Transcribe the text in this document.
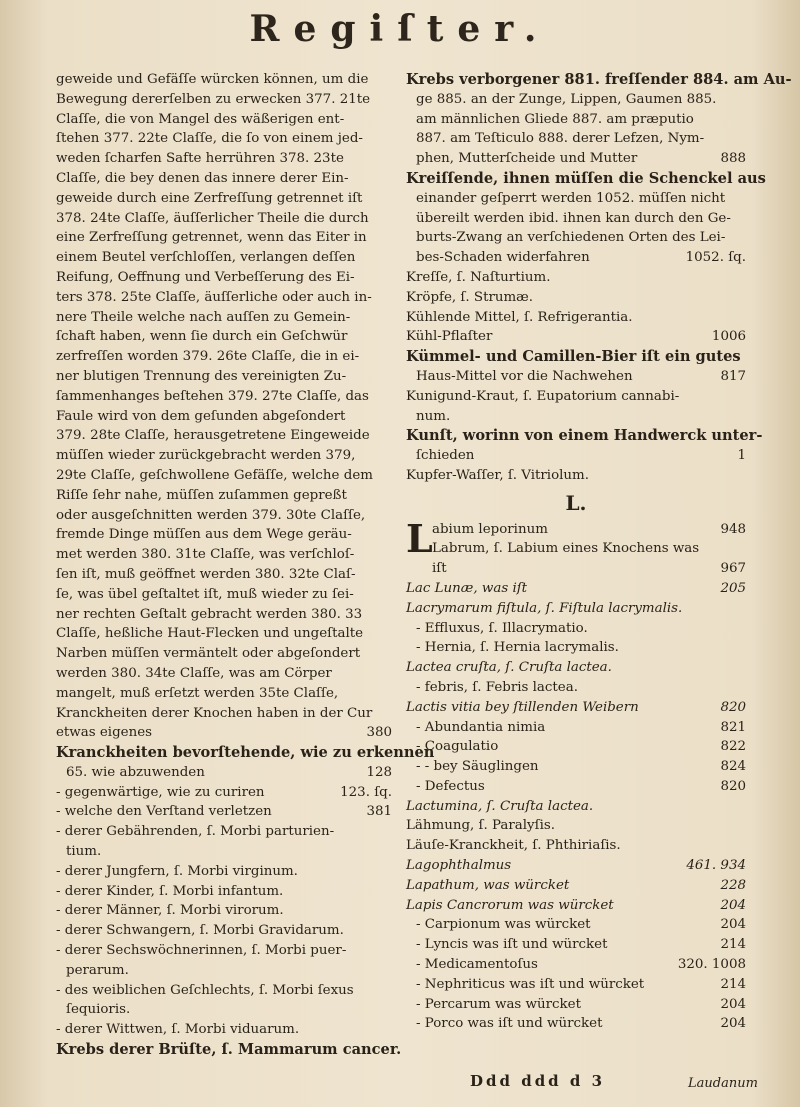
Regiſter.
geweide und Gefäſſe würcken können, um die
Bewegung dererſelben zu erwecken 377. 21te
Claſſe, die von Mangel des wäßerigen ent-
ſtehen 377. 22te Claſſe, die ſo von einem jed-
weden ſcharfen Safte herrühren 378. 23te
Claſſe, die bey denen das innere derer Ein-
geweide durch eine Zerfreſſung getrennet iſt
378. 24te Claſſe, äuſſerlicher Theile die durch
eine Zerfreſſung getrennet, wenn das Eiter in
einem Beutel verſchloſſen, verlangen deſſen
Reifung, Oeffnung und Verbeſſerung des Ei-
ters 378. 25te Claſſe, äuſſerliche oder auch in-
nere Theile welche nach auſſen zu Gemein-
ſchaft haben, wenn ſie durch ein Geſchwür
zerfreſſen worden 379. 26te Claſſe, die in ei-
ner blutigen Trennung des vereinigten Zu-
ſammenhanges beſtehen 379. 27te Claſſe, das
Faule wird von dem geſunden abgeſondert
379. 28te Claſſe, herausgetretene Eingeweide
müſſen wieder zurückgebracht werden 379,
29te Claſſe, geſchwollene Gefäſſe, welche dem
Riſſe ſehr nahe, müſſen zuſammen gepreßt
oder ausgeſchnitten werden 379. 30te Claſſe,
fremde Dinge müſſen aus dem Wege geräu-
met werden 380. 31te Claſſe, was verſchloſ-
ſen iſt, muß geöffnet werden 380. 32te Claſ-
ſe, was übel geſtaltet iſt, muß wieder zu ſei-
ner rechten Geſtalt gebracht werden 380. 33
Claſſe, heßliche Haut-Flecken und ungeſtalte
Narben müſſen vermäntelt oder abgeſondert
werden 380. 34te Claſſe, was am Cörper
mangelt, muß erſetzt werden 35te Claſſe,
Kranckheiten derer Knochen haben in der Cur
etwas eigenes	380
Kranckheiten bevorſtehende, wie zu erkennen
65. wie abzuwenden	128
- gegenwärtige, wie zu curiren	123. ſq.
- welche den Verſtand verletzen	381
- derer Gebährenden, ſ. Morbi parturien-
tium.
- derer Jungfern, ſ. Morbi virginum.
- derer Kinder, ſ. Morbi infantum.
- derer Männer, ſ. Morbi virorum.
- derer Schwangern, ſ. Morbi Gravidarum.
- derer Sechswöchnerinnen, ſ. Morbi puer-
perarum.
- des weiblichen Geſchlechts, ſ. Morbi ſexus
ſequioris.
- derer Wittwen, ſ. Morbi viduarum.
Krebs derer Brüſte, ſ. Mammarum cancer.
Krebs verborgener 881. freſſender 884. am Au-
ge 885. an der Zunge, Lippen, Gaumen 885.
am männlichen Gliede 887. am præputio
887. am Teſticulo 888. derer Lefzen, Nym-
phen, Mutterſcheide und Mutter	888
Kreiſſende, ihnen müſſen die Schenckel aus
einander geſperrt werden 1052. müſſen nicht
übereilt werden ibid. ihnen kan durch den Ge-
burts-Zwang an verſchiedenen Orten des Lei-
bes-Schaden widerfahren	1052. ſq.
Kreſſe, ſ. Naſturtium.
Kröpfe, ſ. Strumæ.
Kühlende Mittel, ſ. Refrigerantia.
Kühl-Pflaſter	1006
Kümmel- und Camillen-Bier iſt ein gutes
Haus-Mittel vor die Nachwehen	817
Kunigund-Kraut, ſ. Eupatorium cannabi-
num.
Kunſt, worinn von einem Handwerck unter-
ſchieden	1
Kupfer-Waſſer, ſ. Vitriolum.
L.
L abium leporinum	948
Labrum, ſ. Labium eines Knochens was
iſt	967
Lac Lunæ, was iſt	205
Lacrymarum fiſtula, ſ. Fiſtula lacrymalis.
- Effluxus, ſ. Illacrymatio.
- Hernia, ſ. Hernia lacrymalis.
Lactea cruſta, ſ. Cruſta lactea.
- febris, ſ. Febris lactea.
Lactis vitia bey ſtillenden Weibern	820
- Abundantia nimia	821
- Coagulatio	822
- - bey Säuglingen	824
- Defectus	820
Lactumina, ſ. Cruſta lactea.
Lähmung, ſ. Paralyſis.
Läuſe-Kranckheit, ſ. Phthiriaſis.
Lagophthalmus	461. 934
Lapathum, was würcket	228
Lapis Cancrorum was würcket	204
- Carpionum was würcket	204
- Lyncis was iſt und würcket	214
- Medicamentoſus	320. 1008
- Nephriticus was iſt und würcket	214
- Percarum was würcket	204
- Porco was iſt und würcket	204
Ddd ddd d 3	Laudanum
